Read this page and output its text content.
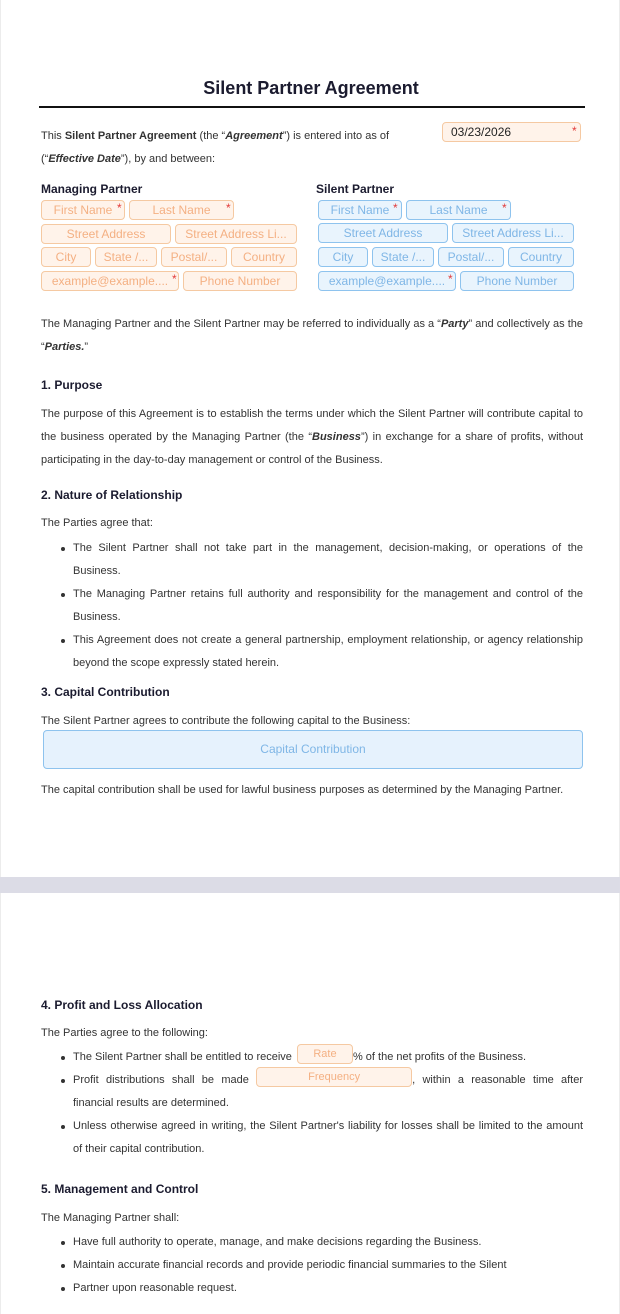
Silent Partner Agreement
This Silent Partner Agreement (the “Agreement”) is entered into as of	03/23/2026	*
(“Effective Date”), by and between:
Managing Partner
First Name *	Last Name	*
Street Address	Street Address Li...
City	State /...	Postal/...	Country
example@example.... *	Phone Number
Silent Partner
First Name *	Last Name	*
Street Address	Street Address Li...
City	State /...	Postal/...	Country
example@example.... *	Phone Number
The Managing Partner and the Silent Partner may be referred to individually as a “Party” and collectively as the “Parties.”
1. Purpose
The purpose of this Agreement is to establish the terms under which the Silent Partner will contribute capital to the business operated by the Managing Partner (the “Business”) in exchange for a share of profits, without participating in the day-to-day management or control of the Business.
2. Nature of Relationship
The Parties agree that:
The Silent Partner shall not take part in the management, decision-making, or operations of the Business.
The Managing Partner retains full authority and responsibility for the management and control of the Business.
This Agreement does not create a general partnership, employment relationship, or agency relationship beyond the scope expressly stated herein.
3. Capital Contribution
The Silent Partner agrees to contribute the following capital to the Business:
Capital Contribution
The capital contribution shall be used for lawful business purposes as determined by the Managing Partner.
4. Profit and Loss Allocation
The Parties agree to the following:
The Silent Partner shall be entitled to receive Rate % of the net profits of the Business.
Profit distributions shall be made	Frequency	, within a reasonable time after financial results are determined.
Unless otherwise agreed in writing, the Silent Partner's liability for losses shall be limited to the amount of their capital contribution.
5. Management and Control
The Managing Partner shall:
Have full authority to operate, manage, and make decisions regarding the Business.
Maintain accurate financial records and provide periodic financial summaries to the Silent
Partner upon reasonable request.
